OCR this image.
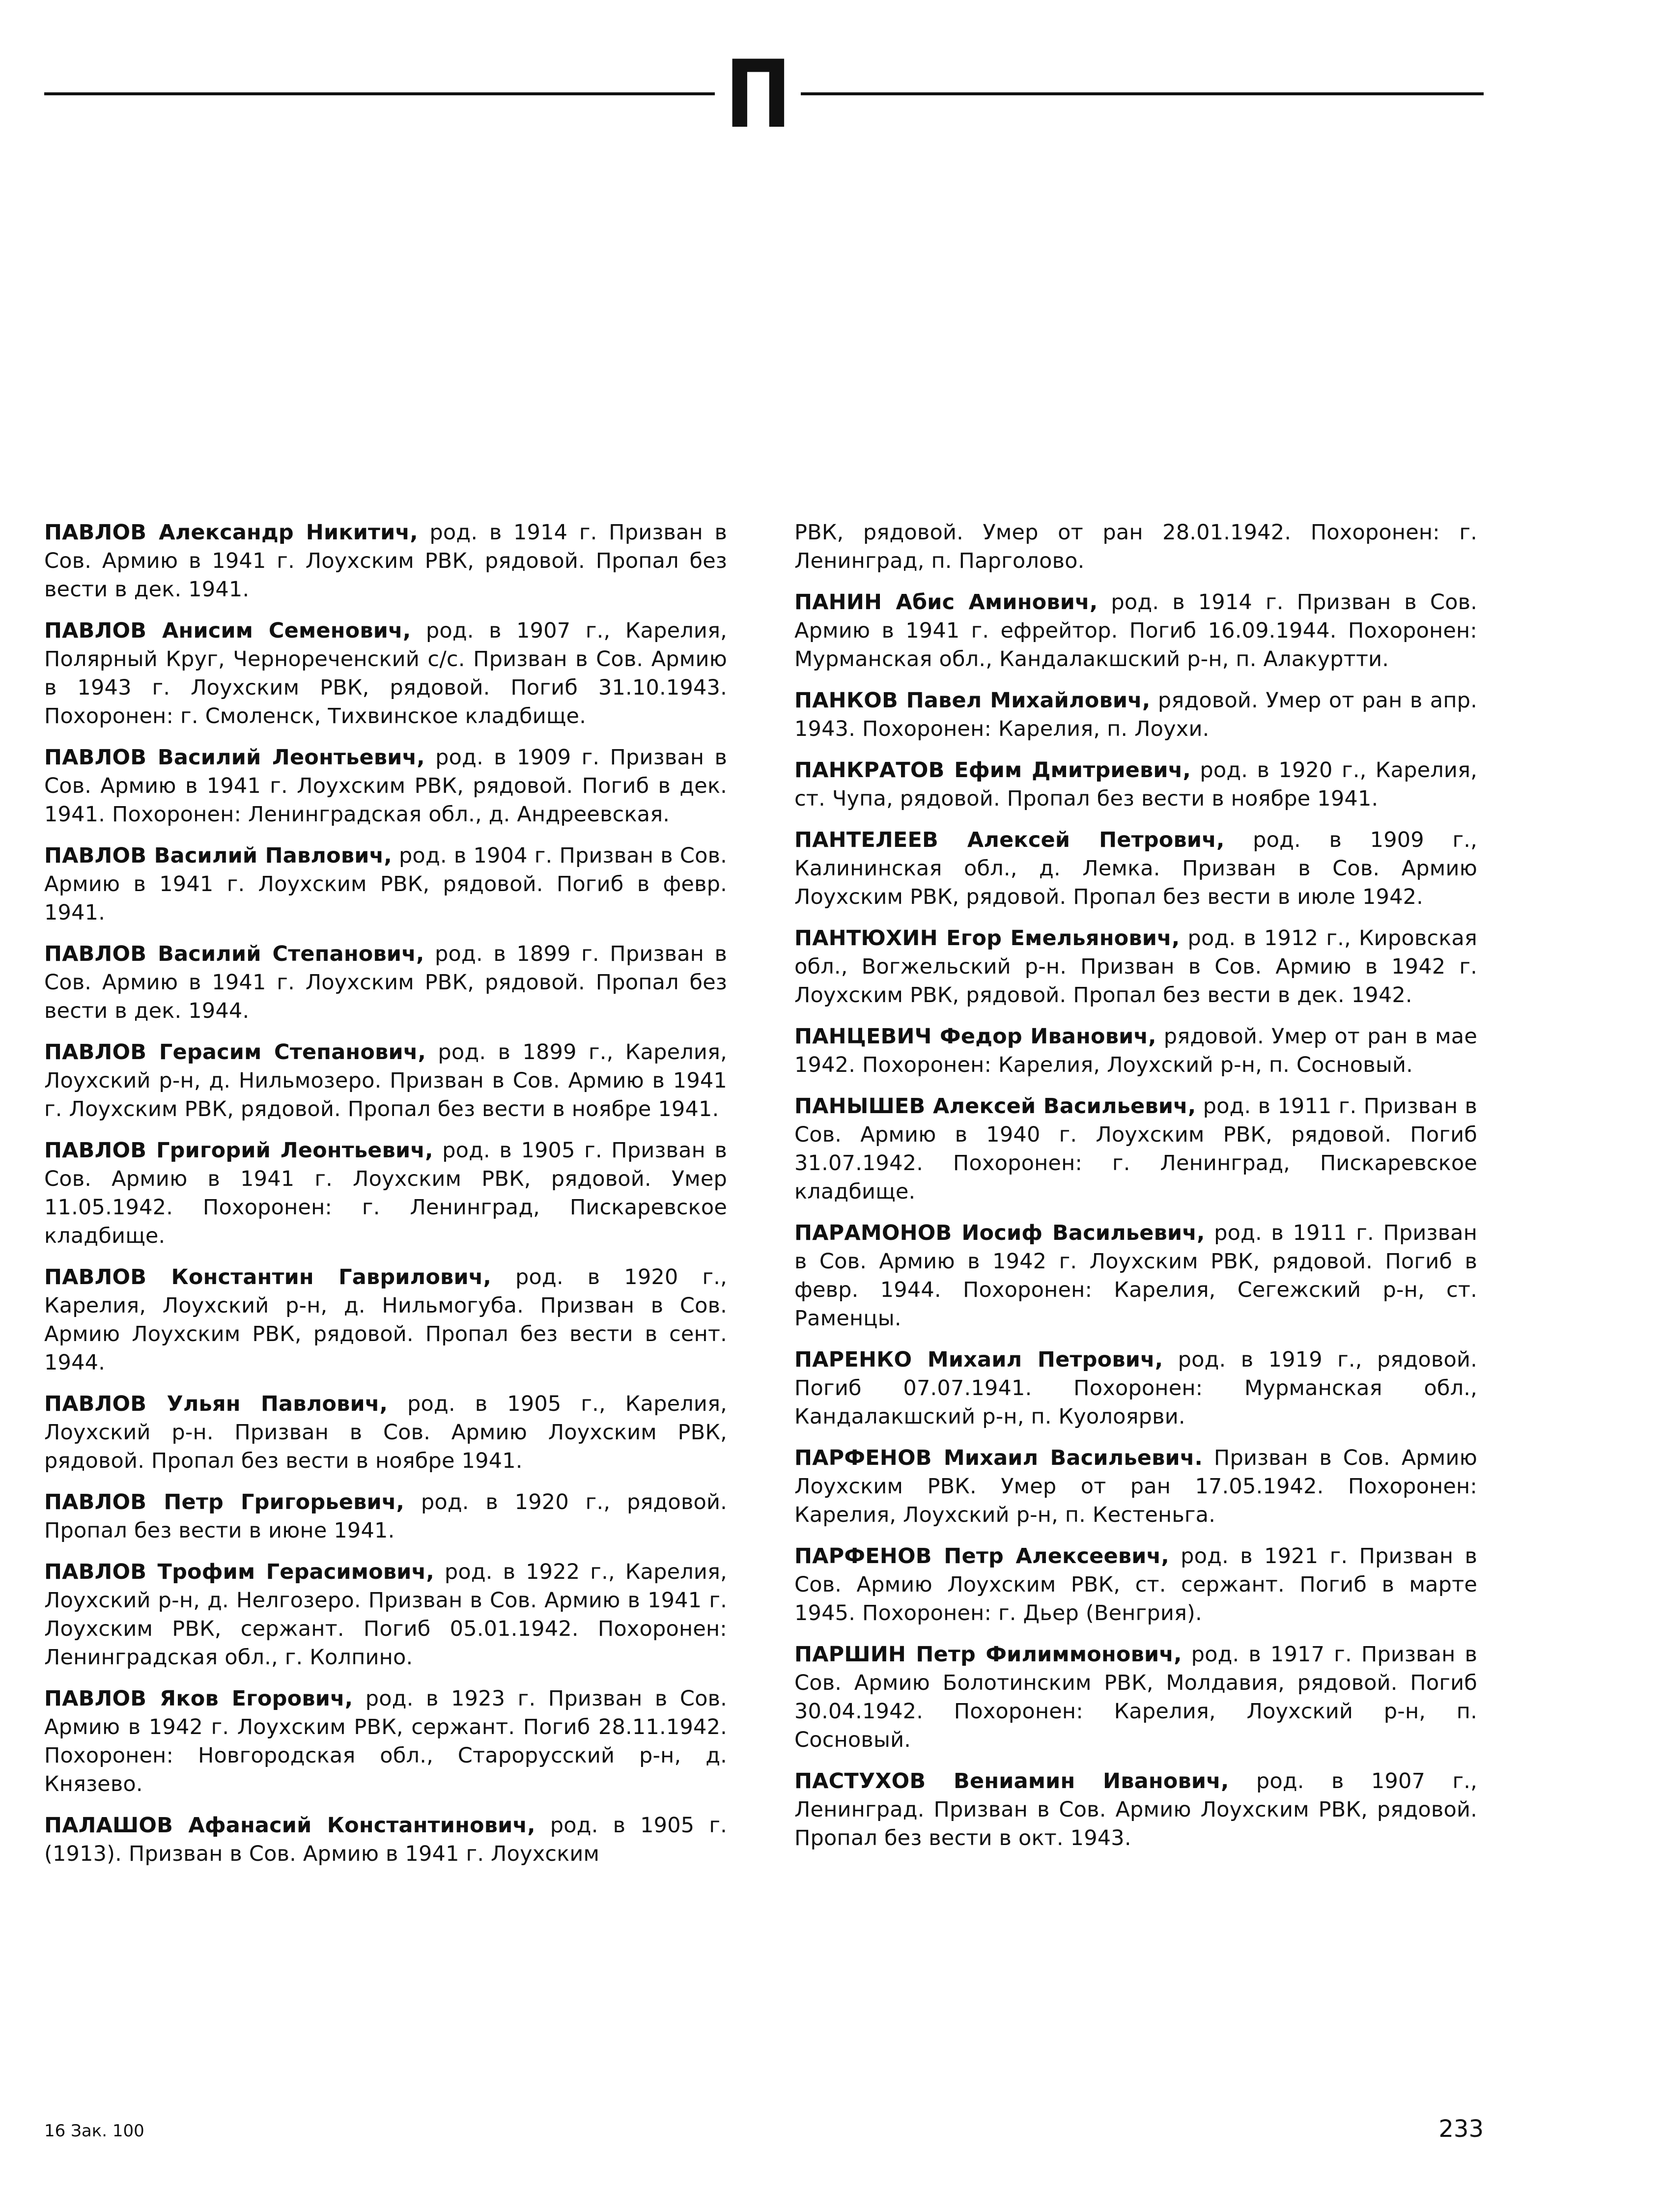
П

ПАВЛОВ Александр Никитич, род. в 1914 г. Призван в Сов. Армию в 1941 г. Лоухским РВК, рядовой. Пропал без вести в дек. 1941.

ПАВЛОВ Анисим Семенович, род. в 1907 г., Карелия, Полярный Круг, Чернореченский с/с. Призван в Сов. Армию в 1943 г. Лоухским РВК, рядовой. Погиб 31.10.1943. Похоронен: г. Смоленск, Тихвинское кладбище.

ПАВЛОВ Василий Леонтьевич, род. в 1909 г. Призван в Сов. Армию в 1941 г. Лоухским РВК, рядовой. Погиб в дек. 1941. Похоронен: Ленинградская обл., д. Андреевская.

ПАВЛОВ Василий Павлович, род. в 1904 г. Призван в Сов. Армию в 1941 г. Лоухским РВК, рядовой. Погиб в февр. 1941.

ПАВЛОВ Василий Степанович, род. в 1899 г. Призван в Сов. Армию в 1941 г. Лоухским РВК, рядовой. Пропал без вести в дек. 1944.

ПАВЛОВ Герасим Степанович, род. в 1899 г., Карелия, Лоухский р-н, д. Нильмозеро. Призван в Сов. Армию в 1941 г. Лоухским РВК, рядовой. Пропал без вести в ноябре 1941.

ПАВЛОВ Григорий Леонтьевич, род. в 1905 г. Призван в Сов. Армию в 1941 г. Лоухским РВК, рядовой. Умер 11.05.1942. Похоронен: г. Ленинград, Пискаревское кладбище.

ПАВЛОВ Константин Гаврилович, род. в 1920 г., Карелия, Лоухский р-н, д. Нильмогуба. Призван в Сов. Армию Лоухским РВК, рядовой. Пропал без вести в сент. 1944.

ПАВЛОВ Ульян Павлович, род. в 1905 г., Карелия, Лоухский р-н. Призван в Сов. Армию Лоухским РВК, рядовой. Пропал без вести в ноябре 1941.

ПАВЛОВ Петр Григорьевич, род. в 1920 г., рядовой. Пропал без вести в июне 1941.

ПАВЛОВ Трофим Герасимович, род. в 1922 г., Карелия, Лоухский р-н, д. Нелгозеро. Призван в Сов. Армию в 1941 г. Лоухским РВК, сержант. Погиб 05.01.1942. Похоронен: Ленинградская обл., г. Колпино.

ПАВЛОВ Яков Егорович, род. в 1923 г. Призван в Сов. Армию в 1942 г. Лоухским РВК, сержант. Погиб 28.11.1942. Похоронен: Новгородская обл., Старорусский р-н, д. Князево.

ПАЛАШОВ Афанасий Константинович, род. в 1905 г. (1913). Призван в Сов. Армию в 1941 г. Лоухским

РВК, рядовой. Умер от ран 28.01.1942. Похоронен: г. Ленинград, п. Парголово.

ПАНИН Абис Аминович, род. в 1914 г. Призван в Сов. Армию в 1941 г. ефрейтор. Погиб 16.09.1944. Похоронен: Мурманская обл., Кандалакшский р-н, п. Алакуртти.

ПАНКОВ Павел Михайлович, рядовой. Умер от ран в апр. 1943. Похоронен: Карелия, п. Лоухи.

ПАНКРАТОВ Ефим Дмитриевич, род. в 1920 г., Карелия, ст. Чупа, рядовой. Пропал без вести в ноябре 1941.

ПАНТЕЛЕЕВ Алексей Петрович, род. в 1909 г., Калининская обл., д. Лемка. Призван в Сов. Армию Лоухским РВК, рядовой. Пропал без вести в июле 1942.

ПАНТЮХИН Егор Емельянович, род. в 1912 г., Кировская обл., Вогжельский р-н. Призван в Сов. Армию в 1942 г. Лоухским РВК, рядовой. Пропал без вести в дек. 1942.

ПАНЦЕВИЧ Федор Иванович, рядовой. Умер от ран в мае 1942. Похоронен: Карелия, Лоухский р-н, п. Сосновый.

ПАНЫШЕВ Алексей Васильевич, род. в 1911 г. Призван в Сов. Армию в 1940 г. Лоухским РВК, рядовой. Погиб 31.07.1942. Похоронен: г. Ленинград, Пискаревское кладбище.

ПАРАМОНОВ Иосиф Васильевич, род. в 1911 г. Призван в Сов. Армию в 1942 г. Лоухским РВК, рядовой. Погиб в февр. 1944. Похоронен: Карелия, Сегежский р-н, ст. Раменцы.

ПАРЕНКО Михаил Петрович, род. в 1919 г., рядовой. Погиб 07.07.1941. Похоронен: Мурманская обл., Кандалакшский р-н, п. Куолоярви.

ПАРФЕНОВ Михаил Васильевич. Призван в Сов. Армию Лоухским РВК. Умер от ран 17.05.1942. Похоронен: Карелия, Лоухский р-н, п. Кестеньга.

ПАРФЕНОВ Петр Алексеевич, род. в 1921 г. Призван в Сов. Армию Лоухским РВК, ст. сержант. Погиб в марте 1945. Похоронен: г. Дьер (Венгрия).

ПАРШИН Петр Филиммонович, род. в 1917 г. Призван в Сов. Армию Болотинским РВК, Молдавия, рядовой. Погиб 30.04.1942. Похоронен: Карелия, Лоухский р-н, п. Сосновый.

ПАСТУХОВ Вениамин Иванович, род. в 1907 г., Ленинград. Призван в Сов. Армию Лоухским РВК, рядовой. Пропал без вести в окт. 1943.

16 Зак. 100	233
